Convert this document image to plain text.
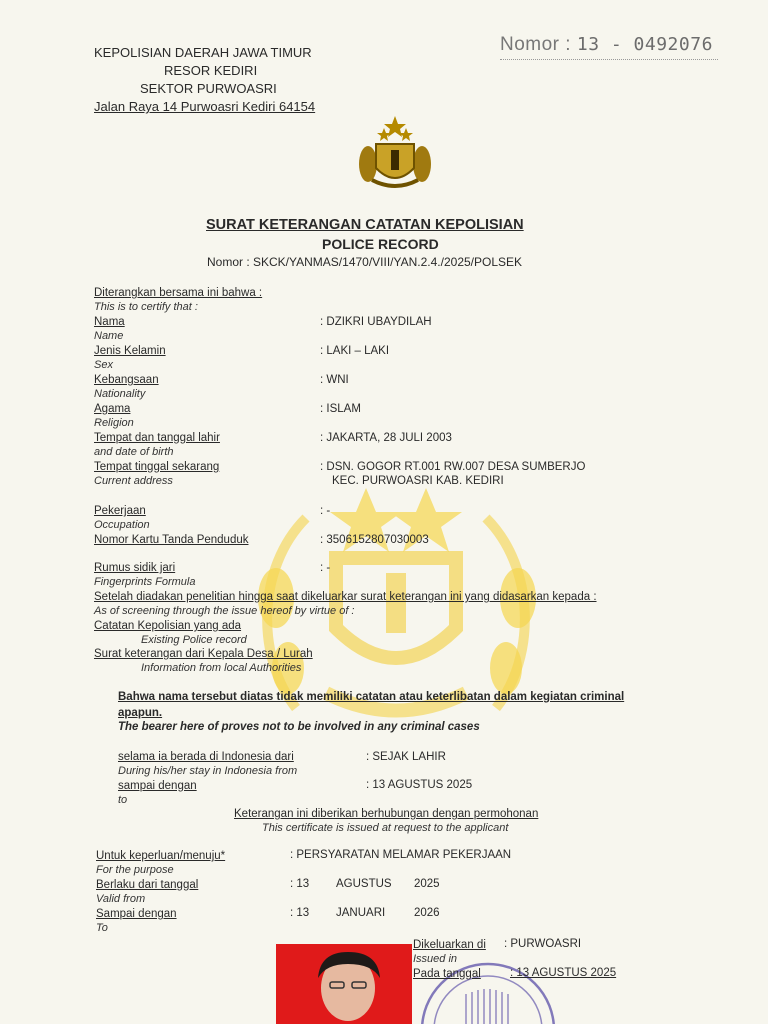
KEPOLISIAN DAERAH JAWA TIMUR
RESOR KEDIRI
SEKTOR PURWOASRI
Jalan Raya 14 Purwoasri Kediri 64154
Nomor : 13 - 0492076
SURAT KETERANGAN CATATAN KEPOLISIAN
POLICE RECORD
Nomor : SKCK/YANMAS/1470/VIII/YAN.2.4./2025/POLSEK
Diterangkan bersama ini bahwa :
This is to certify that :
Nama
Name
: DZIKRI UBAYDILAH
Jenis Kelamin
Sex
: LAKI – LAKI
Kebangsaan
Nationality
: WNI
Agama
Religion
: ISLAM
Tempat dan tanggal lahir
and date of birth
: JAKARTA, 28 JULI 2003
Tempat tinggal sekarang
Current address
: DSN. GOGOR RT.001 RW.007 DESA SUMBERJO
KEC. PURWOASRI KAB. KEDIRI
Pekerjaan
Occupation
: -
Nomor Kartu Tanda Penduduk	: 3506152807030003
Rumus sidik jari
Fingerprints Formula
: -
Setelah diadakan penelitian hingga saat dikeluarkar surat keterangan ini yang didasarkan kepada :
As of screening through the issue hereof by virtue of :
Catatan Kepolisian yang ada
Existing Police record
Surat keterangan dari Kepala Desa / Lurah
Information from local Authorities
Bahwa nama tersebut diatas tidak memiliki catatan atau keterlibatan dalam kegiatan criminal
apapun.
The bearer here of proves not to be involved in any criminal cases
selama ia berada di Indonesia dari
During his/her stay in Indonesia from
: SEJAK LAHIR
sampai dengan
to
: 13 AGUSTUS 2025
Keterangan ini diberikan berhubungan dengan permohonan
This certificate is issued at request to the applicant
Untuk keperluan/menuju*
For the purpose
: PERSYARATAN MELAMAR PEKERJAAN
Berlaku dari tanggal
Valid from
: 13 AGUSTUS 2025
Sampai dengan
To
: 13 JANUARI	2026
Dikeluarkan di
Issued in
: PURWOASRI
Pada tanggal	: 13 AGUSTUS 2025
